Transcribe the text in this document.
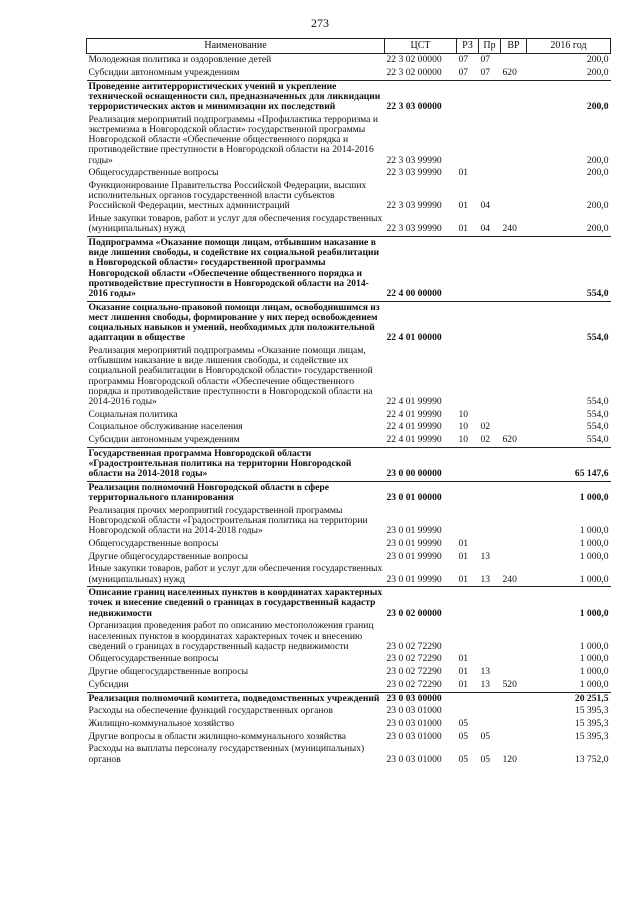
273
Наименование	ЦСТ	РЗ	Пр	ВР	2016 год
Молодежная политика и оздоровление детей	22 3 02 00000	07	07		200,0
Субсидии автономным учреждениям	22 3 02 00000	07	07	620	200,0
Проведение антитеррористических учений и укрепление технической оснащенности сил, предназначенных для ликвидации террористических актов и минимизации их последствий	22 3 03 00000				200,0
Реализация мероприятий подпрограммы «Профилактика терроризма и экстремизма в Новгородской области» государственной программы Новгородской области «Обеспечение общественного порядка и противодействие преступности в Новгородской области на 2014-2016 годы»	22 3 03 99990				200,0
Общегосударственные вопросы	22 3 03 99990	01			200,0
Функционирование Правительства Российской Федерации, высших исполнительных органов государственной власти субъектов Российской Федерации, местных администраций	22 3 03 99990	01	04		200,0
Иные закупки товаров, работ и услуг для обеспечения государственных (муниципальных) нужд	22 3 03 99990	01	04	240	200,0
Подпрограмма «Оказание помощи лицам, отбывшим наказание в виде лишения свободы, и содействие их социальной реабилитации в Новгородской области» государственной программы Новгородской области «Обеспечение общественного порядка и противодействие преступности в Новгородской области на 2014-2016 годы»	22 4 00 00000				554,0
Оказание социально-правовой помощи лицам, освободившимся из мест лишения свободы, формирование у них перед освобождением социальных навыков и умений, необходимых для положительной адаптации в обществе	22 4 01 00000				554,0
Реализация мероприятий подпрограммы «Оказание помощи лицам, отбывшим наказание в виде лишения свободы, и содействие их социальной реабилитации в Новгородской области» государственной программы Новгородской области «Обеспечение общественного порядка и противодействие преступности в Новгородской области на 2014-2016 годы»	22 4 01 99990				554,0
Социальная политика	22 4 01 99990	10			554,0
Социальное обслуживание населения	22 4 01 99990	10	02		554,0
Субсидии автономным учреждениям	22 4 01 99990	10	02	620	554,0
Государственная программа Новгородской области «Градостроительная политика на территории Новгородской области на 2014-2018 годы»	23 0 00 00000				65 147,6
Реализация полномочий Новгородской области в сфере территориального планирования	23 0 01 00000				1 000,0
Реализация прочих мероприятий государственной программы Новгородской области «Градостроительная политика на территории Новгородской области на 2014-2018 годы»	23 0 01 99990				1 000,0
Общегосударственные вопросы	23 0 01 99990	01			1 000,0
Другие общегосударственные вопросы	23 0 01 99990	01	13		1 000,0
Иные закупки товаров, работ и услуг для обеспечения государственных (муниципальных) нужд	23 0 01 99990	01	13	240	1 000,0
Описание границ населенных пунктов в координатах характерных точек и внесение сведений о границах в государственный кадастр недвижимости	23 0 02 00000				1 000,0
Организация проведения работ по описанию местоположения границ населенных пунктов в координатах характерных точек и внесению сведений о границах в государственный кадастр недвижимости	23 0 02 72290				1 000,0
Общегосударственные вопросы	23 0 02 72290	01			1 000,0
Другие общегосударственные вопросы	23 0 02 72290	01	13		1 000,0
Субсидии	23 0 02 72290	01	13	520	1 000,0
Реализация полномочий комитета, подведомственных учреждений	23 0 03 00000				20 251,5
Расходы на обеспечение функций государственных органов	23 0 03 01000				15 395,3
Жилищно-коммунальное хозяйство	23 0 03 01000	05			15 395,3
Другие вопросы в области жилищно-коммунального хозяйства	23 0 03 01000	05	05		15 395,3
Расходы на выплаты персоналу государственных (муниципальных) органов	23 0 03 01000	05	05	120	13 752,0
